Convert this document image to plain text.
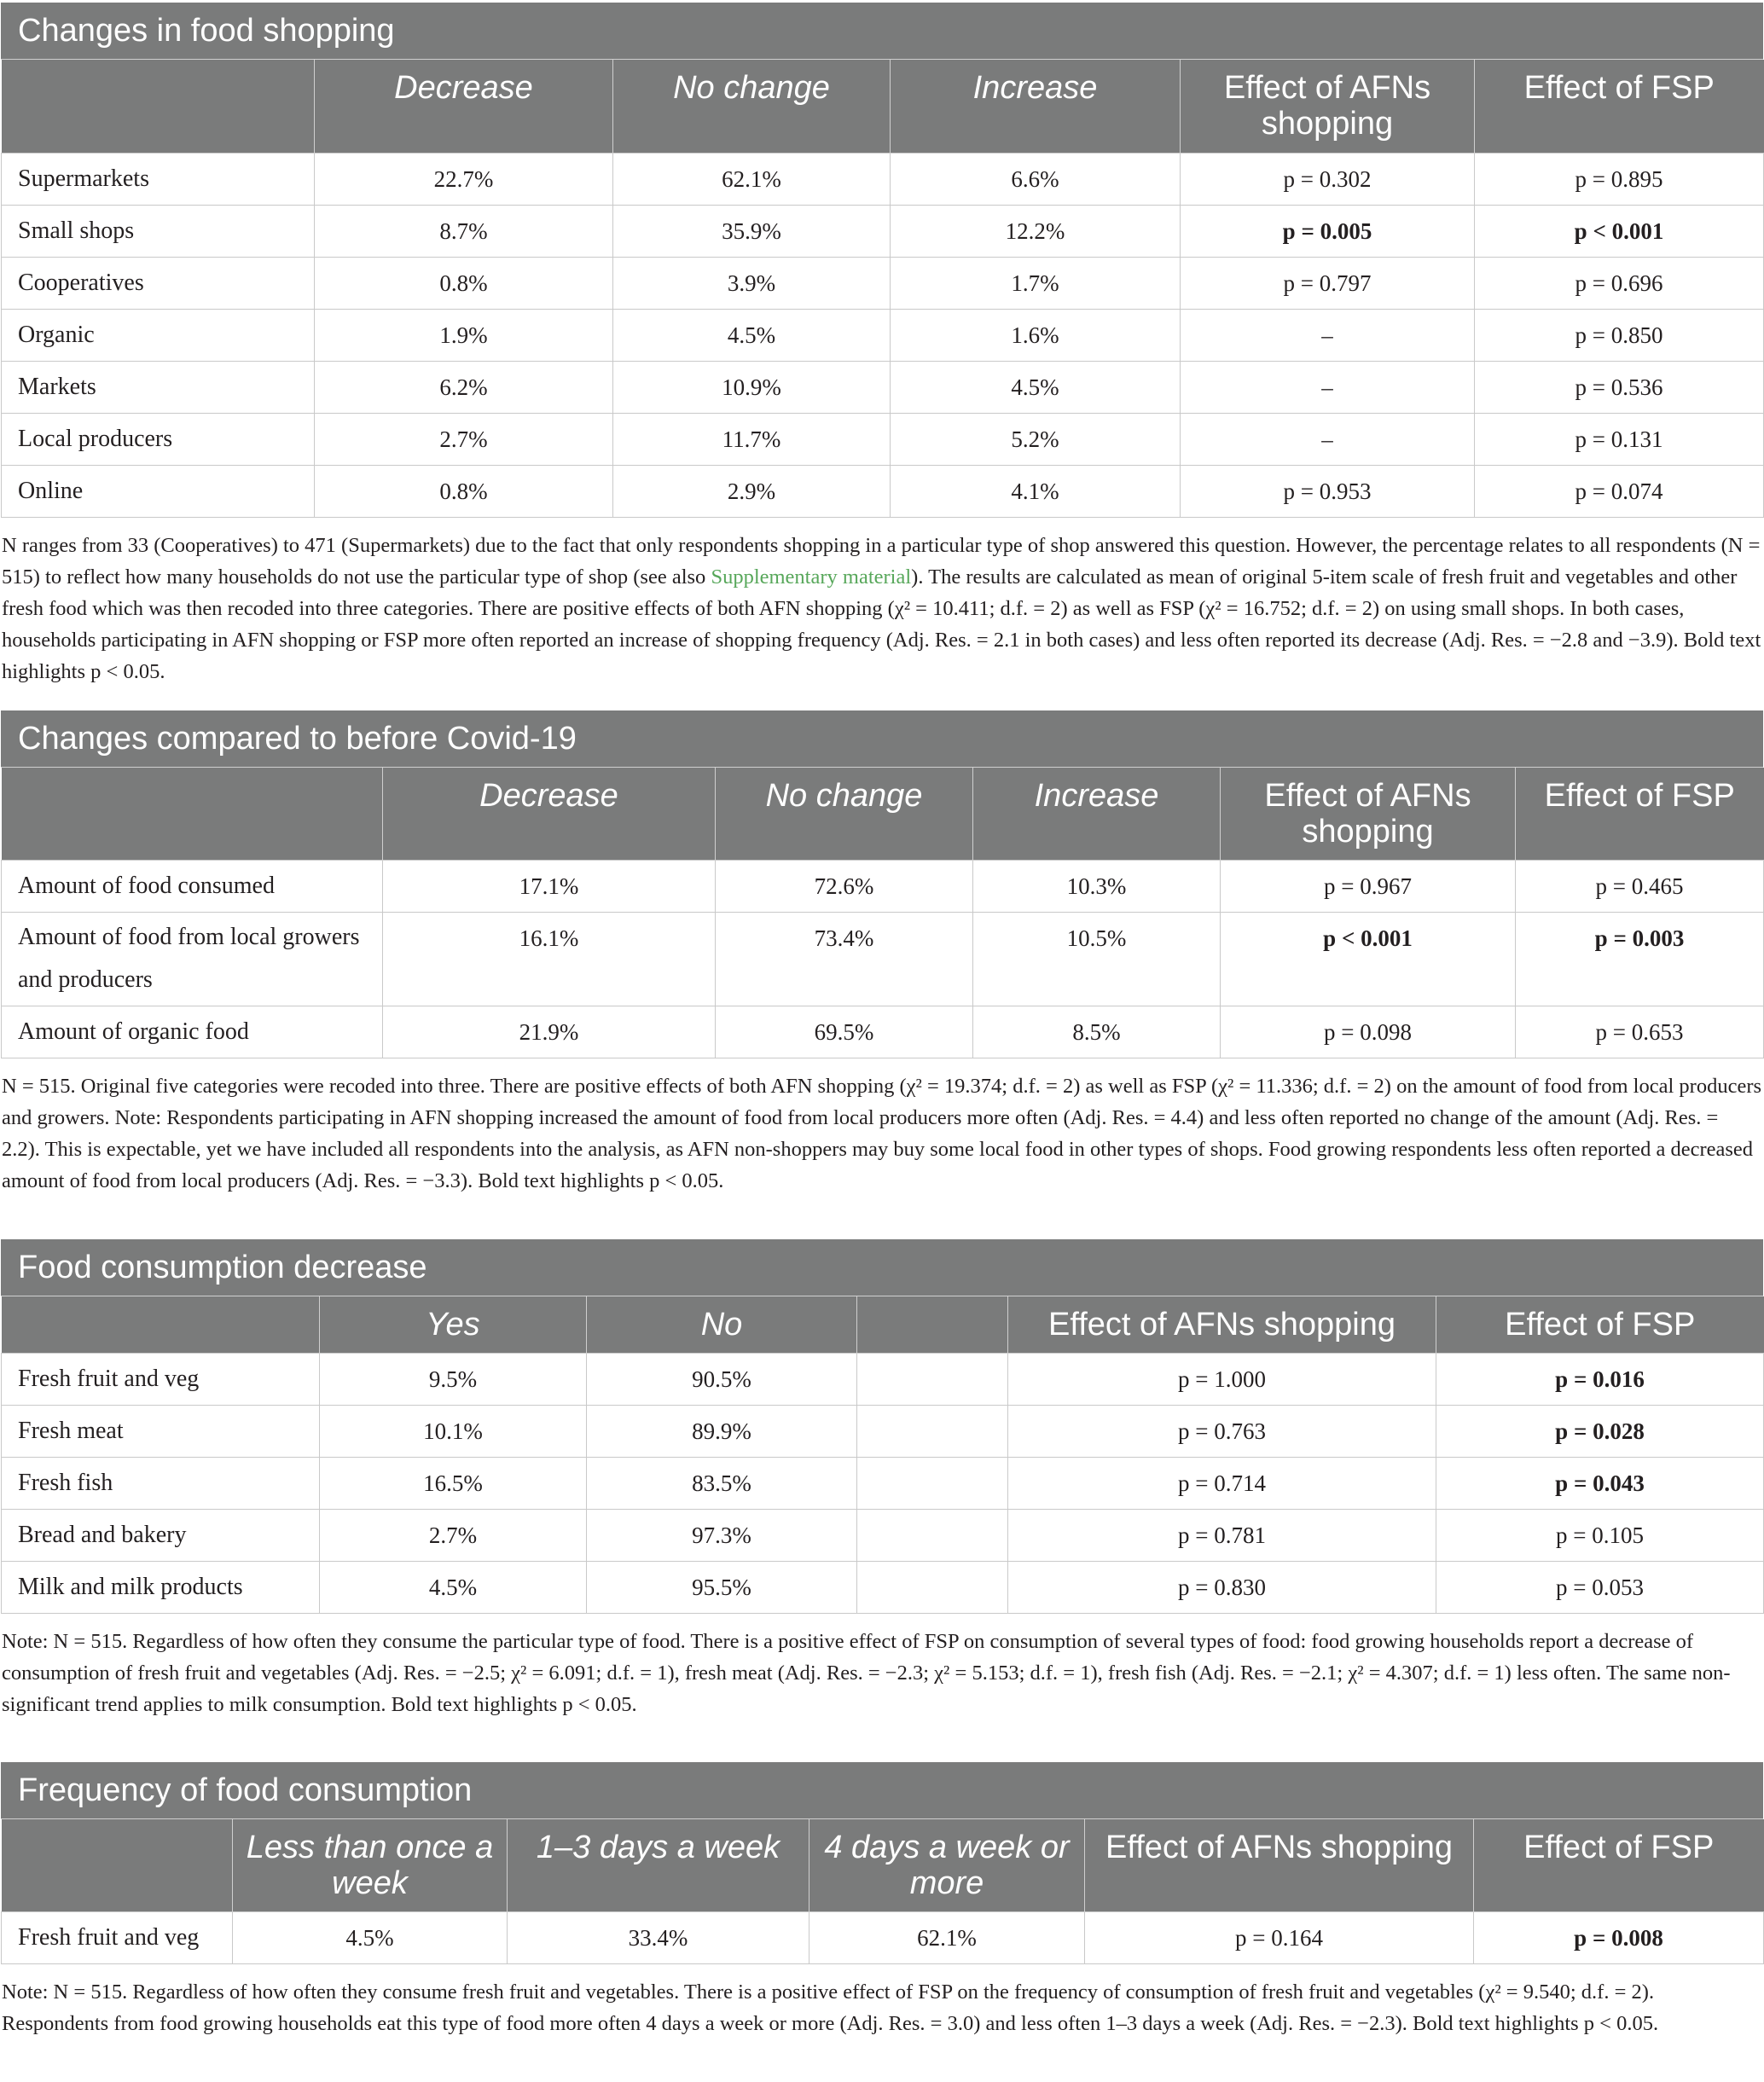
Changes in food shopping
	Decrease	No change	Increase	Effect of AFNs shopping	Effect of FSP
Supermarkets	22.7%	62.1%	6.6%	p = 0.302	p = 0.895
Small shops	8.7%	35.9%	12.2%	p = 0.005	p < 0.001
Cooperatives	0.8%	3.9%	1.7%	p = 0.797	p = 0.696
Organic	1.9%	4.5%	1.6%	–	p = 0.850
Markets	6.2%	10.9%	4.5%	–	p = 0.536
Local producers	2.7%	11.7%	5.2%	–	p = 0.131
Online	0.8%	2.9%	4.1%	p = 0.953	p = 0.074
N ranges from 33 (Cooperatives) to 471 (Supermarkets) due to the fact that only respondents shopping in a particular type of shop answered this question. However, the percentage relates to all respondents (N = 515) to reflect how many households do not use the particular type of shop (see also Supplementary material). The results are calculated as mean of original 5-item scale of fresh fruit and vegetables and other fresh food which was then recoded into three categories. There are positive effects of both AFN shopping (χ² = 10.411; d.f. = 2) as well as FSP (χ² = 16.752; d.f. = 2) on using small shops. In both cases, households participating in AFN shopping or FSP more often reported an increase of shopping frequency (Adj. Res. = 2.1 in both cases) and less often reported its decrease (Adj. Res. = −2.8 and −3.9). Bold text highlights p < 0.05.
Changes compared to before Covid-19
	Decrease	No change	Increase	Effect of AFNs shopping	Effect of FSP
Amount of food consumed	17.1%	72.6%	10.3%	p = 0.967	p = 0.465
Amount of food from local growers and producers	16.1%	73.4%	10.5%	p < 0.001	p = 0.003
Amount of organic food	21.9%	69.5%	8.5%	p = 0.098	p = 0.653
N = 515. Original five categories were recoded into three. There are positive effects of both AFN shopping (χ² = 19.374; d.f. = 2) as well as FSP (χ² = 11.336; d.f. = 2) on the amount of food from local producers and growers. Note: Respondents participating in AFN shopping increased the amount of food from local producers more often (Adj. Res. = 4.4) and less often reported no change of the amount (Adj. Res. = 2.2). This is expectable, yet we have included all respondents into the analysis, as AFN non-shoppers may buy some local food in other types of shops. Food growing respondents less often reported a decreased amount of food from local producers (Adj. Res. = −3.3). Bold text highlights p < 0.05.
Food consumption decrease
	Yes	No		Effect of AFNs shopping	Effect of FSP
Fresh fruit and veg	9.5%	90.5%		p = 1.000	p = 0.016
Fresh meat	10.1%	89.9%		p = 0.763	p = 0.028
Fresh fish	16.5%	83.5%		p = 0.714	p = 0.043
Bread and bakery	2.7%	97.3%		p = 0.781	p = 0.105
Milk and milk products	4.5%	95.5%		p = 0.830	p = 0.053
Note: N = 515. Regardless of how often they consume the particular type of food. There is a positive effect of FSP on consumption of several types of food: food growing households report a decrease of consumption of fresh fruit and vegetables (Adj. Res. = −2.5; χ² = 6.091; d.f. = 1), fresh meat (Adj. Res. = −2.3; χ² = 5.153; d.f. = 1), fresh fish (Adj. Res. = −2.1; χ² = 4.307; d.f. = 1) less often. The same non-significant trend applies to milk consumption. Bold text highlights p < 0.05.
Frequency of food consumption
	Less than once a week	1–3 days a week	4 days a week or more	Effect of AFNs shopping	Effect of FSP
Fresh fruit and veg	4.5%	33.4%	62.1%	p = 0.164	p = 0.008
Note: N = 515. Regardless of how often they consume fresh fruit and vegetables. There is a positive effect of FSP on the frequency of consumption of fresh fruit and vegetables (χ² = 9.540; d.f. = 2). Respondents from food growing households eat this type of food more often 4 days a week or more (Adj. Res. = 3.0) and less often 1–3 days a week (Adj. Res. = −2.3). Bold text highlights p < 0.05.
